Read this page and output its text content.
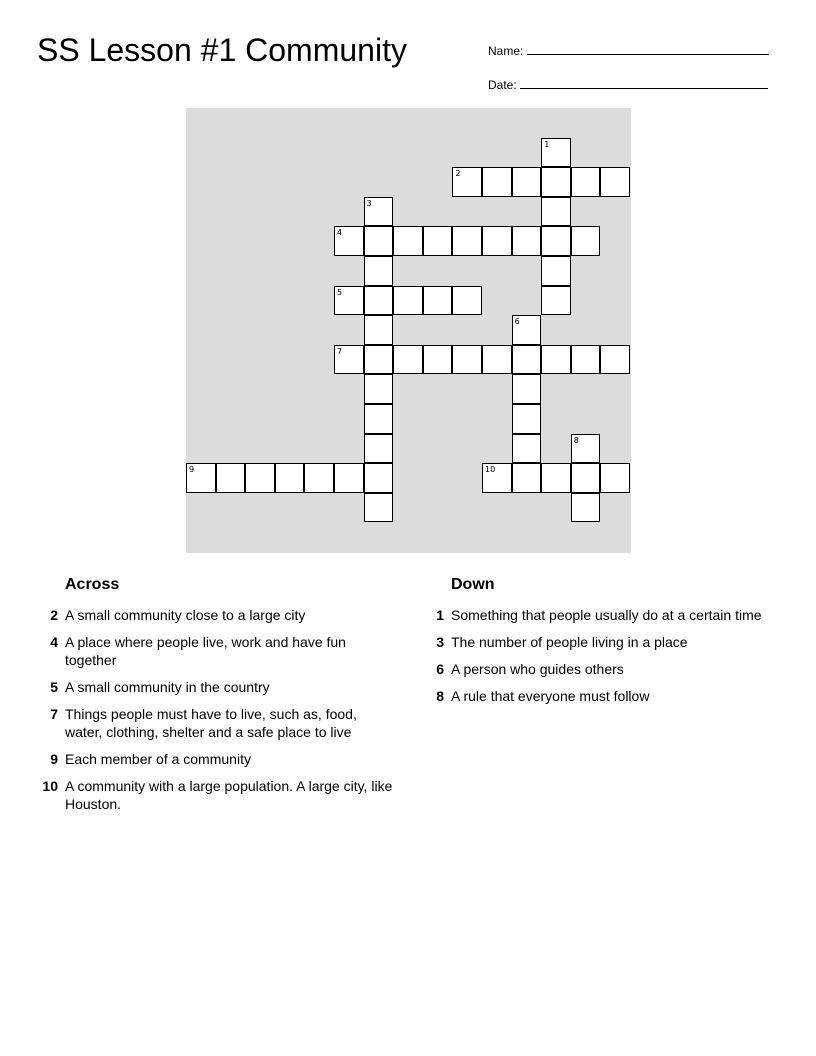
SS Lesson #1 Community	Name:
Date:
1
2
3
4
5
6
7
8
9	10
Across
2 A small community close to a large city
4 A place where people live, work and have fun together
5 A small community in the country
7 Things people must have to live, such as, food, water, clothing, shelter and a safe place to live
9 Each member of a community
10 A community with a large population. A large city, like Houston.
Down
1 Something that people usually do at a certain time
3 The number of people living in a place
6 A person who guides others
8 A rule that everyone must follow
